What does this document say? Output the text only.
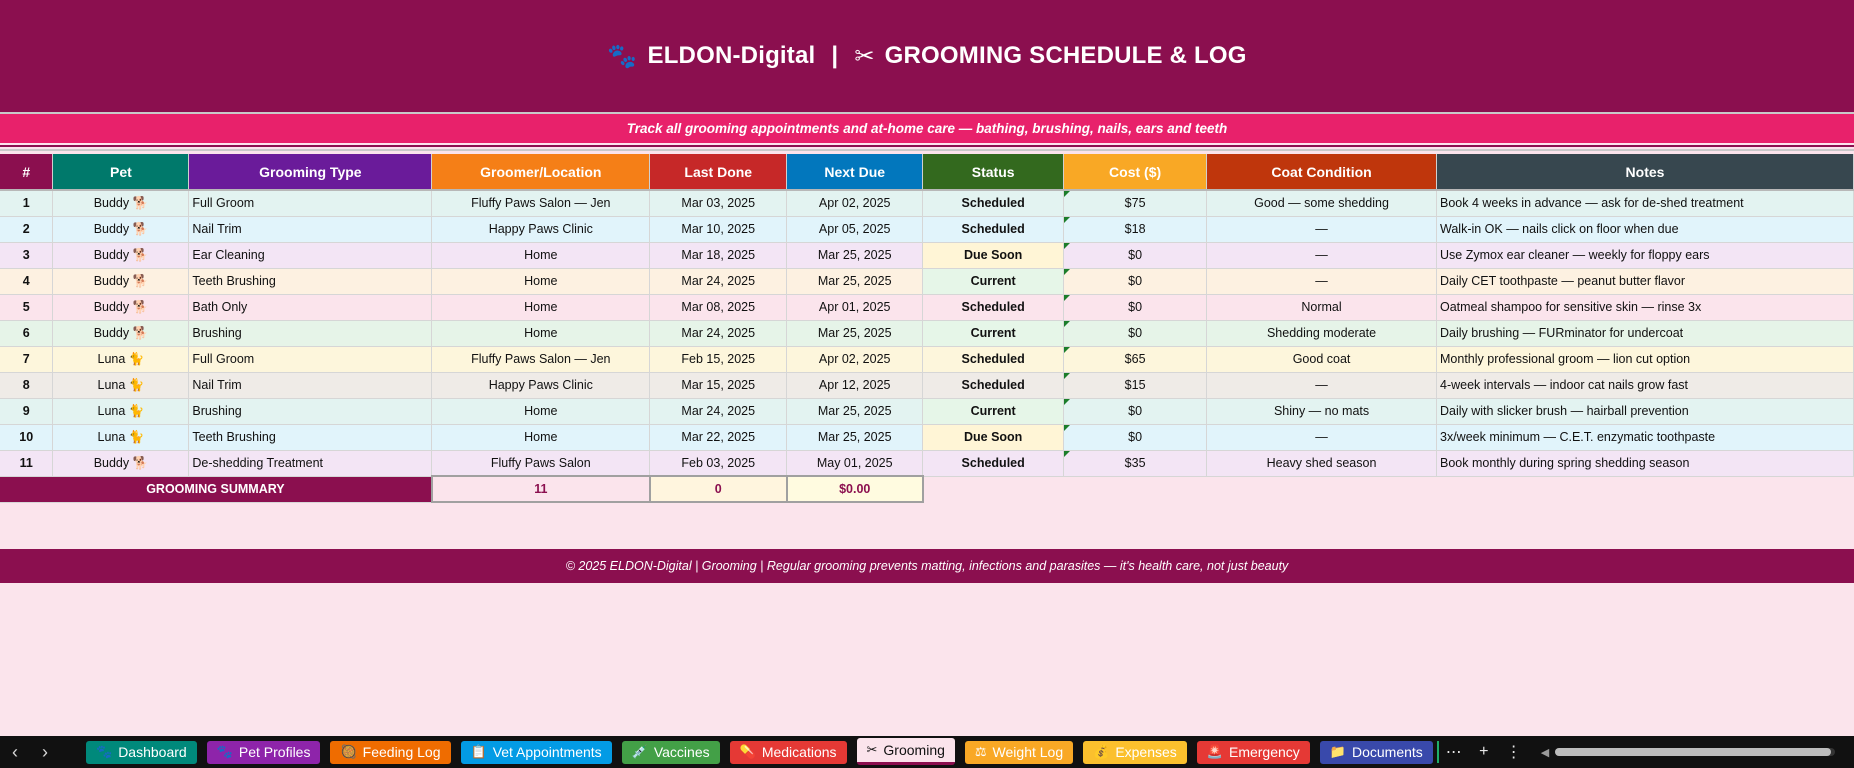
🐾 ELDON-Digital | ✂ GROOMING SCHEDULE & LOG
Track all grooming appointments and at-home care — bathing, brushing, nails, ears and teeth
#	Pet	Grooming Type	Groomer/Location	Last Done	Next Due	Status	Cost ($)	Coat Condition	Notes
1	Buddy 🐕	Full Groom	Fluffy Paws Salon — Jen	Mar 03, 2025	Apr 02, 2025	Scheduled	$75	Good — some shedding	Book 4 weeks in advance — ask for de-shed treatment
2	Buddy 🐕	Nail Trim	Happy Paws Clinic	Mar 10, 2025	Apr 05, 2025	Scheduled	$18	—	Walk-in OK — nails click on floor when due
3	Buddy 🐕	Ear Cleaning	Home	Mar 18, 2025	Mar 25, 2025	Due Soon	$0	—	Use Zymox ear cleaner — weekly for floppy ears
4	Buddy 🐕	Teeth Brushing	Home	Mar 24, 2025	Mar 25, 2025	Current	$0	—	Daily CET toothpaste — peanut butter flavor
5	Buddy 🐕	Bath Only	Home	Mar 08, 2025	Apr 01, 2025	Scheduled	$0	Normal	Oatmeal shampoo for sensitive skin — rinse 3x
6	Buddy 🐕	Brushing	Home	Mar 24, 2025	Mar 25, 2025	Current	$0	Shedding moderate	Daily brushing — FURminator for undercoat
7	Luna 🐈	Full Groom	Fluffy Paws Salon — Jen	Feb 15, 2025	Apr 02, 2025	Scheduled	$65	Good coat	Monthly professional groom — lion cut option
8	Luna 🐈	Nail Trim	Happy Paws Clinic	Mar 15, 2025	Apr 12, 2025	Scheduled	$15	—	4-week intervals — indoor cat nails grow fast
9	Luna 🐈	Brushing	Home	Mar 24, 2025	Mar 25, 2025	Current	$0	Shiny — no mats	Daily with slicker brush — hairball prevention
10	Luna 🐈	Teeth Brushing	Home	Mar 22, 2025	Mar 25, 2025	Due Soon	$0	—	3x/week minimum — C.E.T. enzymatic toothpaste
11	Buddy 🐕	De-shedding Treatment	Fluffy Paws Salon	Feb 03, 2025	May 01, 2025	Scheduled	$35	Heavy shed season	Book monthly during spring shedding season
GROOMING SUMMARY			11	0	$0.00				
© 2025 ELDON-Digital | Grooming | Regular grooming prevents matting, infections and parasites — it's health care, not just beauty
‹	›	🐾 Dashboard 🐾 Pet Profiles 🥘 Feeding Log 📋 Vet Appointments 💉 Vaccines 💊 Medications ✂ Grooming ⚖ Weight Log 💰 Expenses 🚨 Emergency 📁 Documents	⋯	+	⋮	◀
